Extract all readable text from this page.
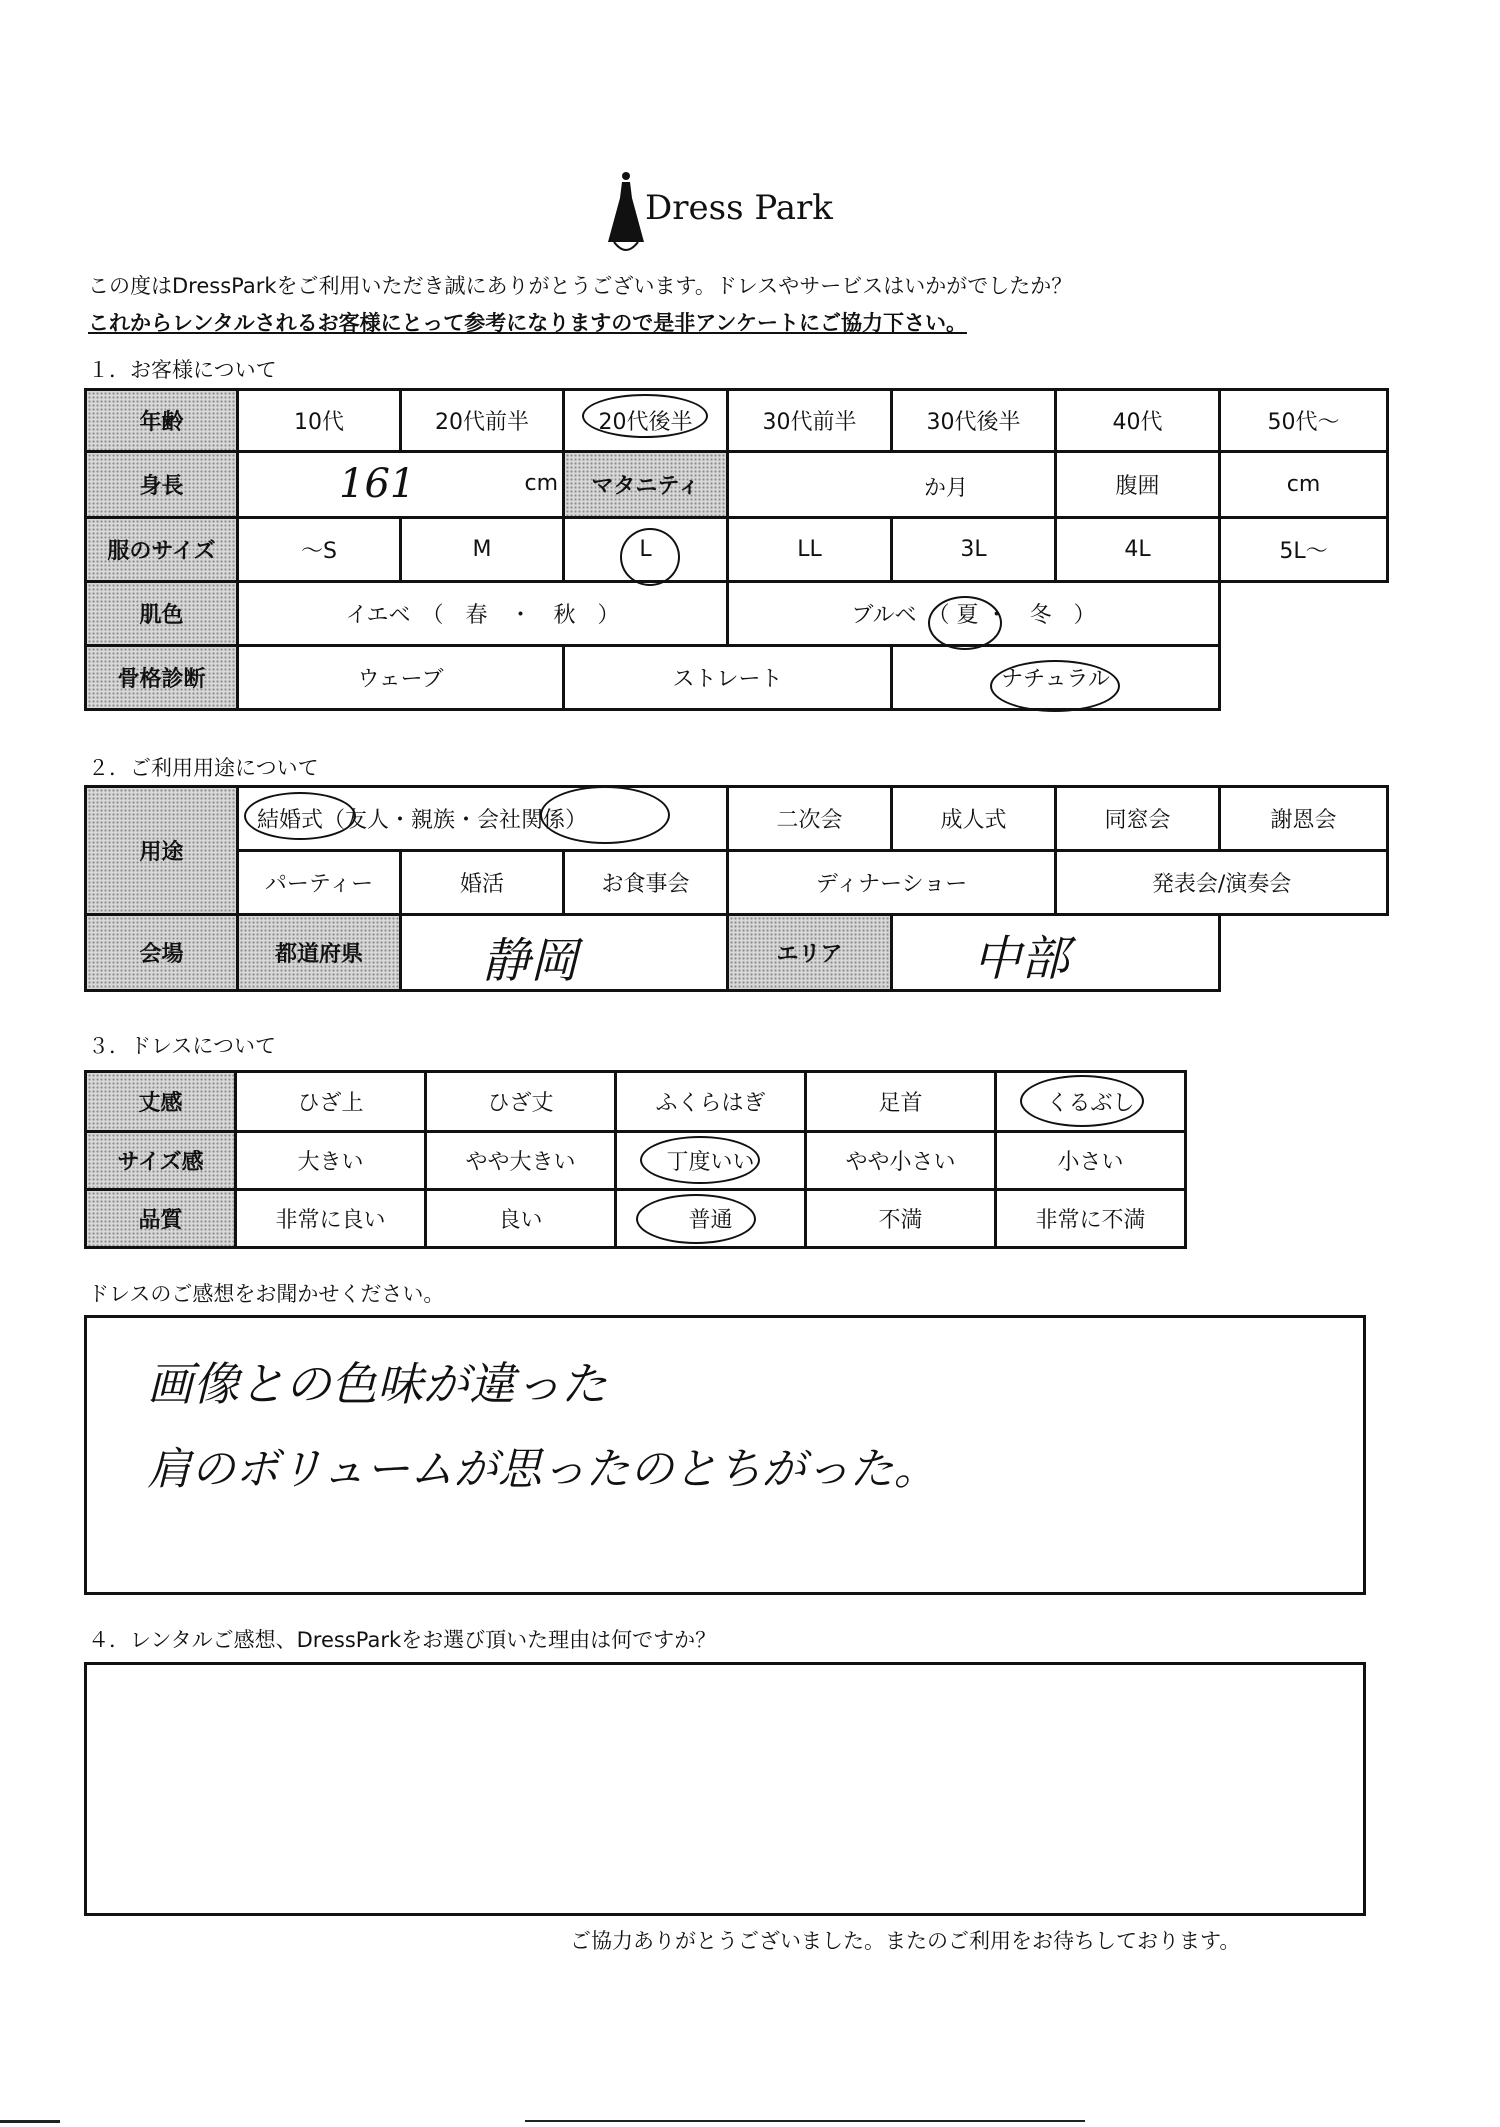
Dress Park
この度はDressParkをご利用いただき誠にありがとうございます。ドレスやサービスはいかがでしたか？
これからレンタルされるお客様にとって参考になりますので是非アンケートにご協力下さい。
１．お客様について
年齢	10代	20代前半	20代後半	30代前半	30代後半	40代	50代～
身長	161 cm		マタニティ	か月		腹囲	cm
服のサイズ	～S	M	L	LL	3L	4L	5L～
肌色	イエベ　（　春　・　秋　）			ブルベ　（ 夏 ・　冬　）			
骨格診断	ウェーブ		ストレート		ナチュラル		
２．ご利用用途について
用途	結婚式（友人・親族・会社関係）			二次会	成人式	同窓会	謝恩会
	パーティー	婚活	お食事会	ディナーショー		発表会/演奏会	
会場	都道府県	静岡		エリア	中部		

３．ドレスについて
丈感	ひざ上	ひざ丈	ふくらはぎ	足首	くるぶし
サイズ感	大きい	やや大きい	丁度いい	やや小さい	小さい
品質	非常に良い	良い	普通	不満	非常に不満
ドレスのご感想をお聞かせください。
画像との色味が違った
肩のボリュームが思ったのとちがった。
４．レンタルご感想、DressParkをお選び頂いた理由は何ですか？
ご協力ありがとうございました。またのご利用をお待ちしております。
